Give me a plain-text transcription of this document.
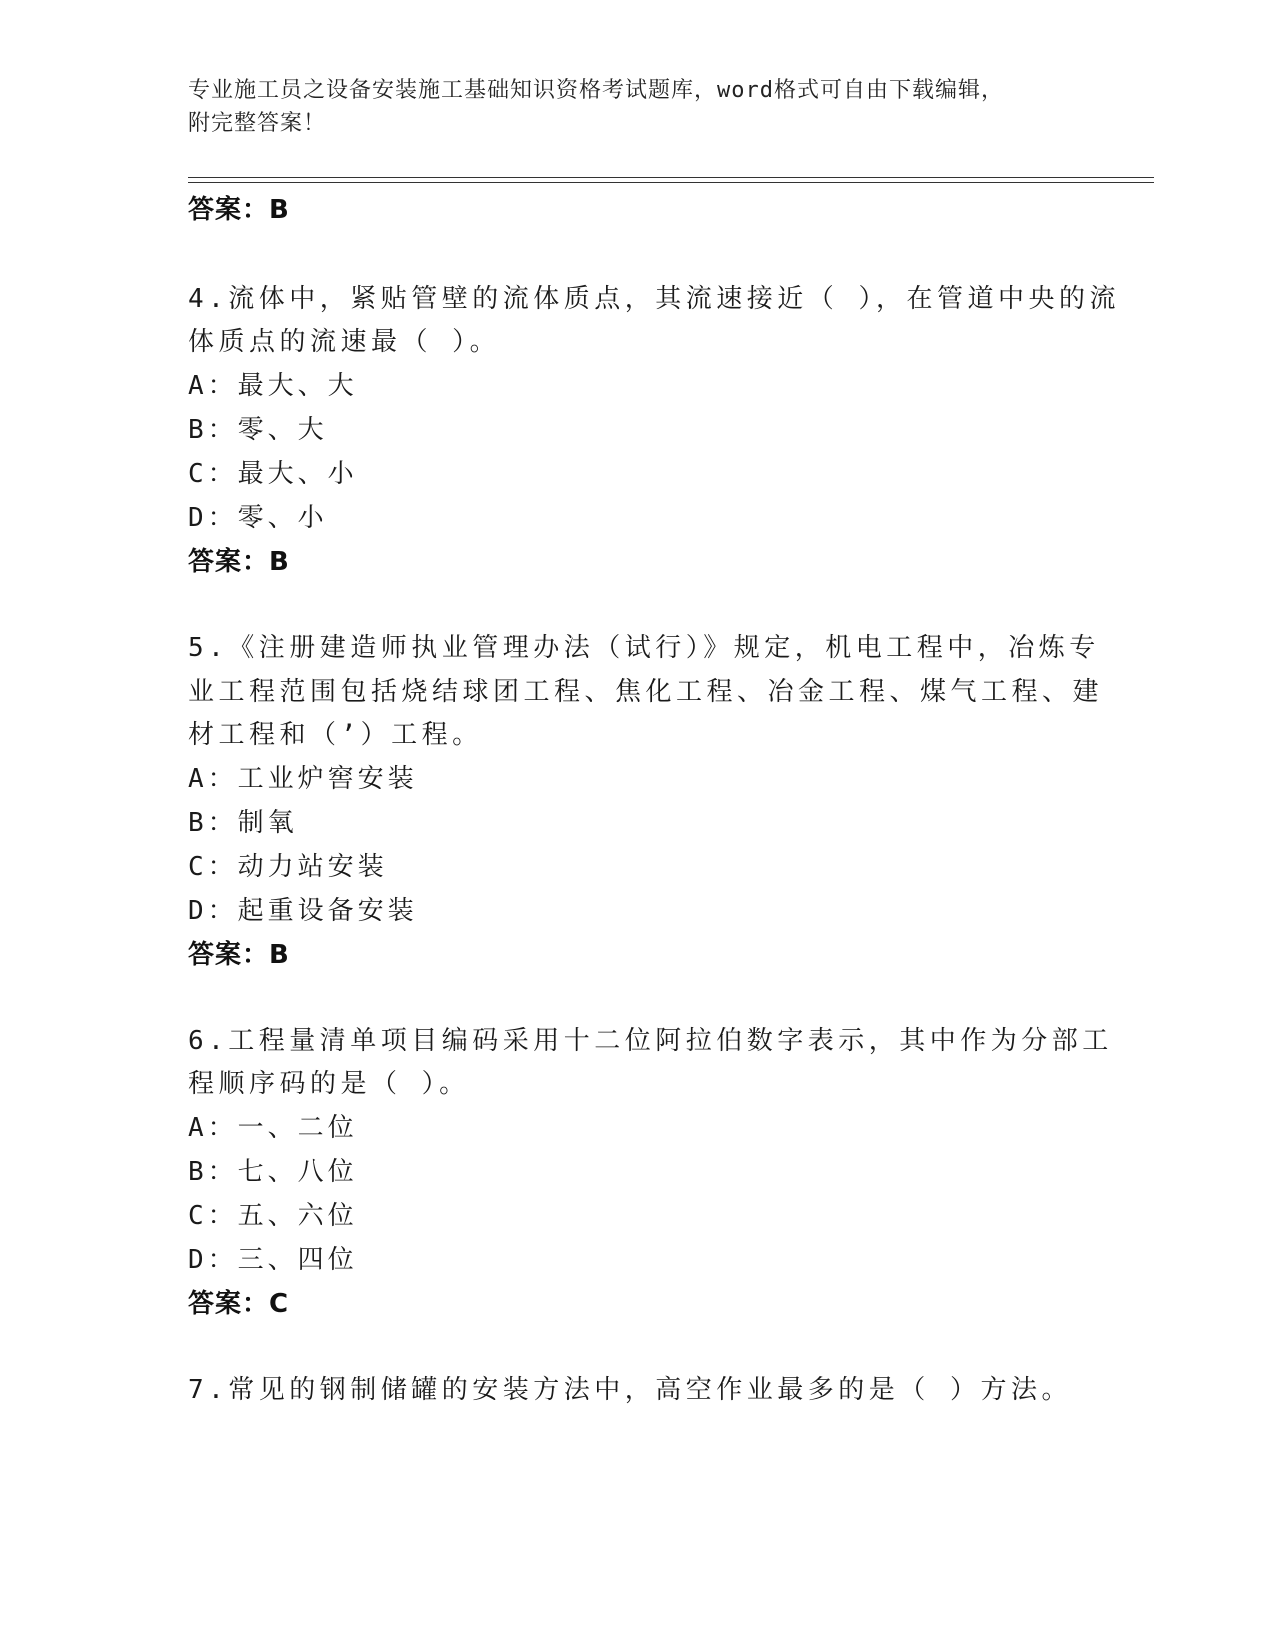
专业施工员之设备安装施工基础知识资格考试题库，word格式可自由下载编辑，
附完整答案！
答案：B
4.流体中，紧贴管壁的流体质点，其流速接近（ ），在管道中央的流
体质点的流速最（ ）。
A：最大、大
B：零、大
C：最大、小
D：零、小
答案：B
5.《注册建造师执业管理办法（试行）》规定，机电工程中，冶炼专
业工程范围包括烧结球团工程、焦化工程、冶金工程、煤气工程、建
材工程和（’）工程。
A：工业炉窖安装
B：制氧
C：动力站安装
D：起重设备安装
答案：B
6.工程量清单项目编码采用十二位阿拉伯数字表示，其中作为分部工
程顺序码的是（ ）。
A：一、二位
B：七、八位
C：五、六位
D：三、四位
答案：C
7.常见的钢制储罐的安装方法中，高空作业最多的是（ ）方法。
